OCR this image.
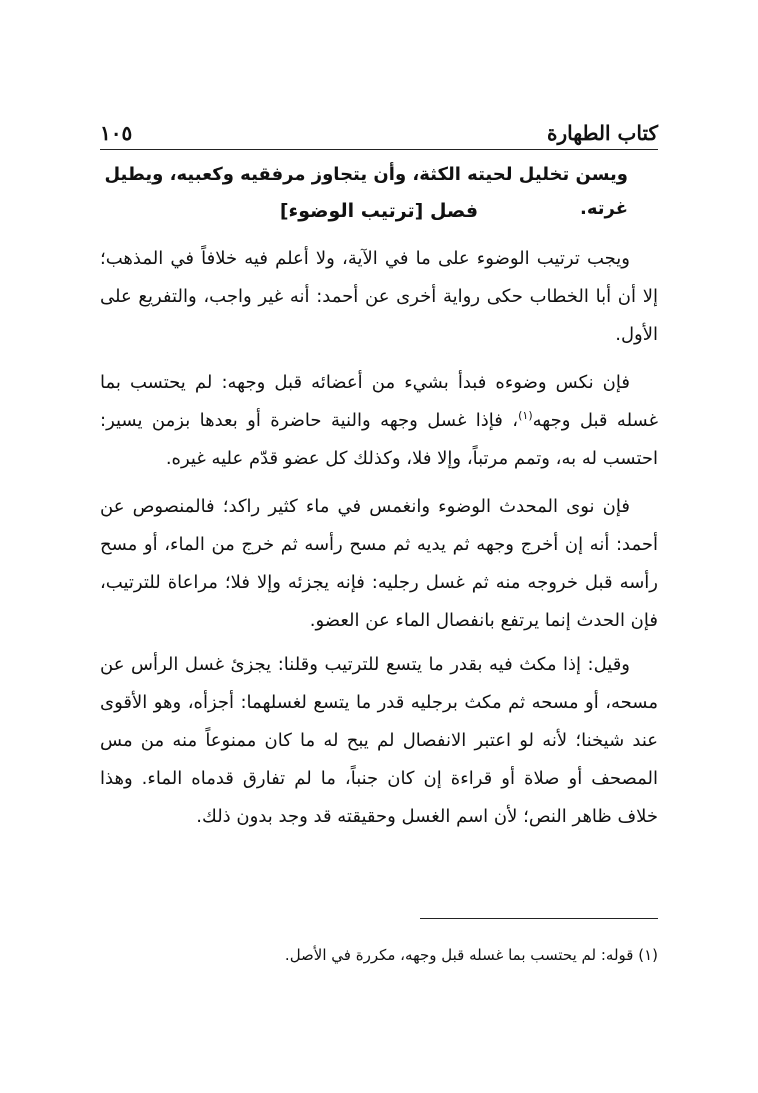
كتاب الطهارة
١٠٥
ويسن تخليل لحيته الكثة، وأن يتجاوز مرفقيه وكعبيه، ويطيل غرته.
فصل [ترتيب الوضوء]

ويجب ترتيب الوضوء على ما في الآية، ولا أعلم فيه خلافاً في المذهب؛ إلا أن أبا الخطاب حكى رواية أخرى عن أحمد: أنه غير واجب، والتفريع على الأول.

فإن نكس وضوءه فبدأ بشيء من أعضائه قبل وجهه: لم يحتسب بما غسله قبل وجهه$^{(١)}$، فإذا غسل وجهه والنية حاضرة أو بعدها بزمن يسير: احتسب له به، وتمم مرتباً، وإلا فلا، وكذلك كل عضو قدّم عليه غيره.

فإن نوى المحدث الوضوء وانغمس في ماء كثير راكد؛ فالمنصوص عن أحمد: أنه إن أخرج وجهه ثم يديه ثم مسح رأسه ثم خرج من الماء، أو مسح رأسه قبل خروجه منه ثم غسل رجليه: فإنه يجزئه وإلا فلا؛ مراعاة للترتيب، فإن الحدث إنما يرتفع بانفصال الماء عن العضو.

وقيل: إذا مكث فيه بقدر ما يتسع للترتيب وقلنا: يجزئ غسل الرأس عن مسحه، أو مسحه ثم مكث برجليه قدر ما يتسع لغسلهما: أجزأه، وهو الأقوى عند شيخنا؛ لأنه لو اعتبر الانفصال لم يبح له ما كان ممنوعاً منه من مس المصحف أو صلاة أو قراءة إن كان جنباً، ما لم تفارق قدماه الماء. وهذا خلاف ظاهر النص؛ لأن اسم الغسل وحقيقته قد وجد بدون ذلك.

(١) قوله: لم يحتسب بما غسله قبل وجهه، مكررة في الأصل.
